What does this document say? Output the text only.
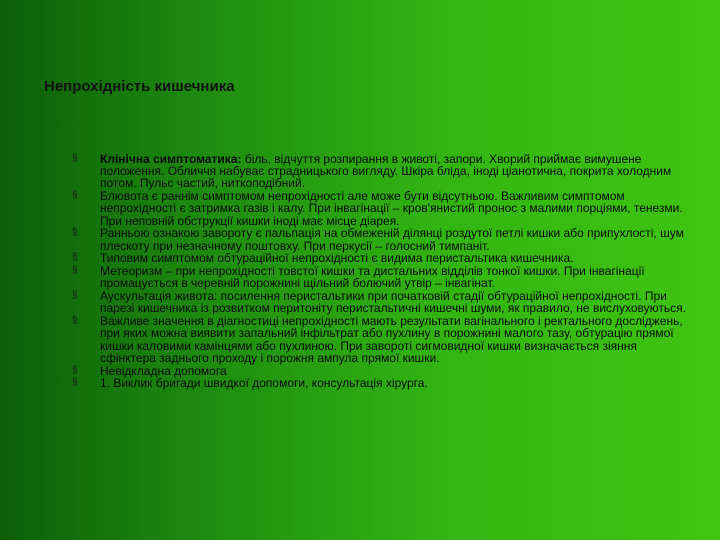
Непрохідність кишечника
§ Клінічна симптоматика: біль, відчуття розпирання в животі, запори. Хворий приймає вимушене положення. Обличчя набуває страдницького вигляду. Шкіра бліда, іноді ціанотична, покрита холодним потом. Пульс частий, ниткоподібний.
§ Блювота є раннім симптомом непрохідності але може бути відсутньою. Важливим симптомом непрохідності є затримка газів і калу. При інвагінації – кров'янистий пронос з малими порціями, тенезми. При неповній обструкції кишки іноді має місце діарея.
§ Ранньою ознакою завороту є пальпація на обмеженій ділянці роздутої петлі кишки або припухлості, шум плескоту при незначному поштовху. При перкусії – голосний тимпаніт.
§ Типовим симптомом обтураційної непрохідності є видима перистальтика кишечника.
§ Метеоризм – при непрохідності товстої кишки та дистальних відділів тонкої кишки. При інвагінації промацується в черевній порожнині щільний болючий утвір – інвагінат.
§ Аускультація живота: посилення перистальтики при початковій стадії обтураційної непрохідності. При парезі кишечника із розвитком перитоніту перистальтичні кишечні шуми, як правило, не вислуховуються.
§ Важливе значення в діагностиці непрохідності мають результати вагінального і ректального досліджень, при яких можна виявити запальний інфільтрат або пухлину в порожнині малого тазу, обтурацію прямої кишки каловими камінцями або пухлиною. При завороті сигмовидної кишки визначається зіяння сфінктера заднього проходу і порожня ампула прямої кишки.
§ Невідкладна допомога
§ 1. Виклик бригади швидкої допомоги, консультація хірурга.
